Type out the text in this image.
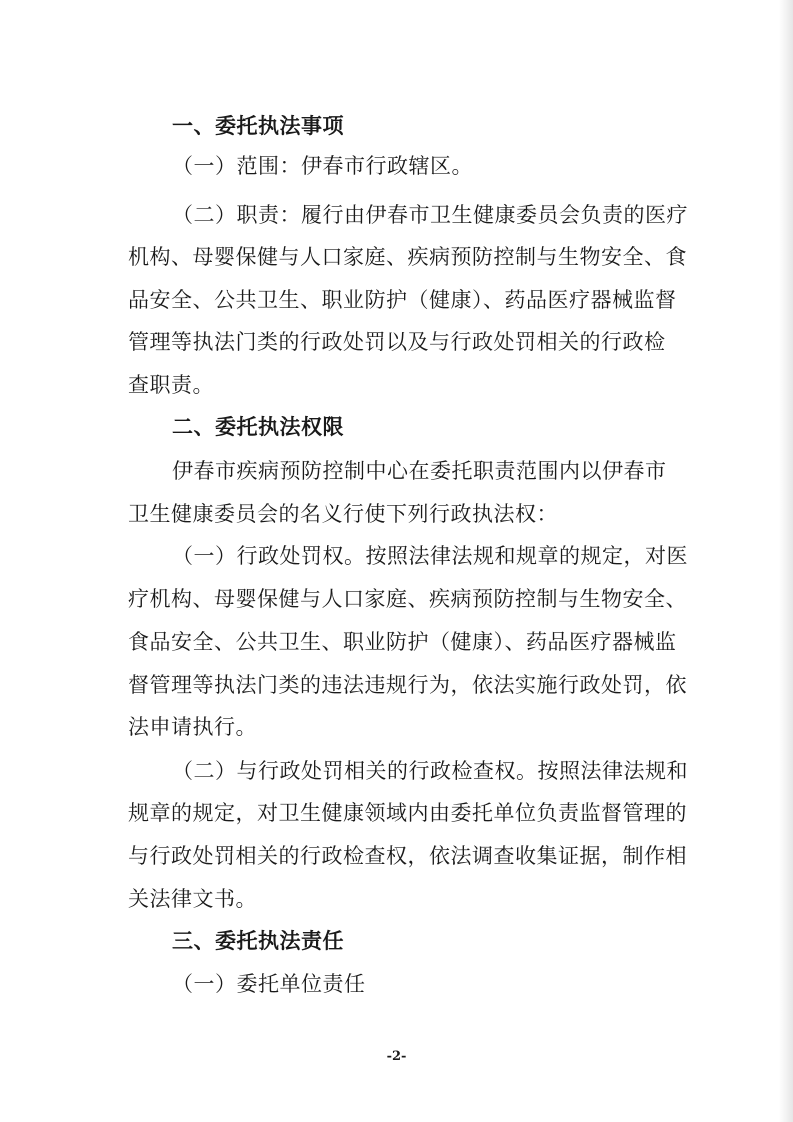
一、委托执法事项
（一）范围：伊春市行政辖区。
（二）职责：履行由伊春市卫生健康委员会负责的医疗
机构、母婴保健与人口家庭、疾病预防控制与生物安全、食
品安全、公共卫生、职业防护（健康）、药品医疗器械监督
管理等执法门类的行政处罚以及与行政处罚相关的行政检
查职责。
二、委托执法权限
伊春市疾病预防控制中心在委托职责范围内以伊春市
卫生健康委员会的名义行使下列行政执法权：
（一）行政处罚权。按照法律法规和规章的规定，对医
疗机构、母婴保健与人口家庭、疾病预防控制与生物安全、
食品安全、公共卫生、职业防护（健康）、药品医疗器械监
督管理等执法门类的违法违规行为，依法实施行政处罚，依
法申请执行。
（二）与行政处罚相关的行政检查权。按照法律法规和
规章的规定，对卫生健康领域内由委托单位负责监督管理的
与行政处罚相关的行政检查权，依法调查收集证据，制作相
关法律文书。
三、委托执法责任
（一）委托单位责任
-2-
